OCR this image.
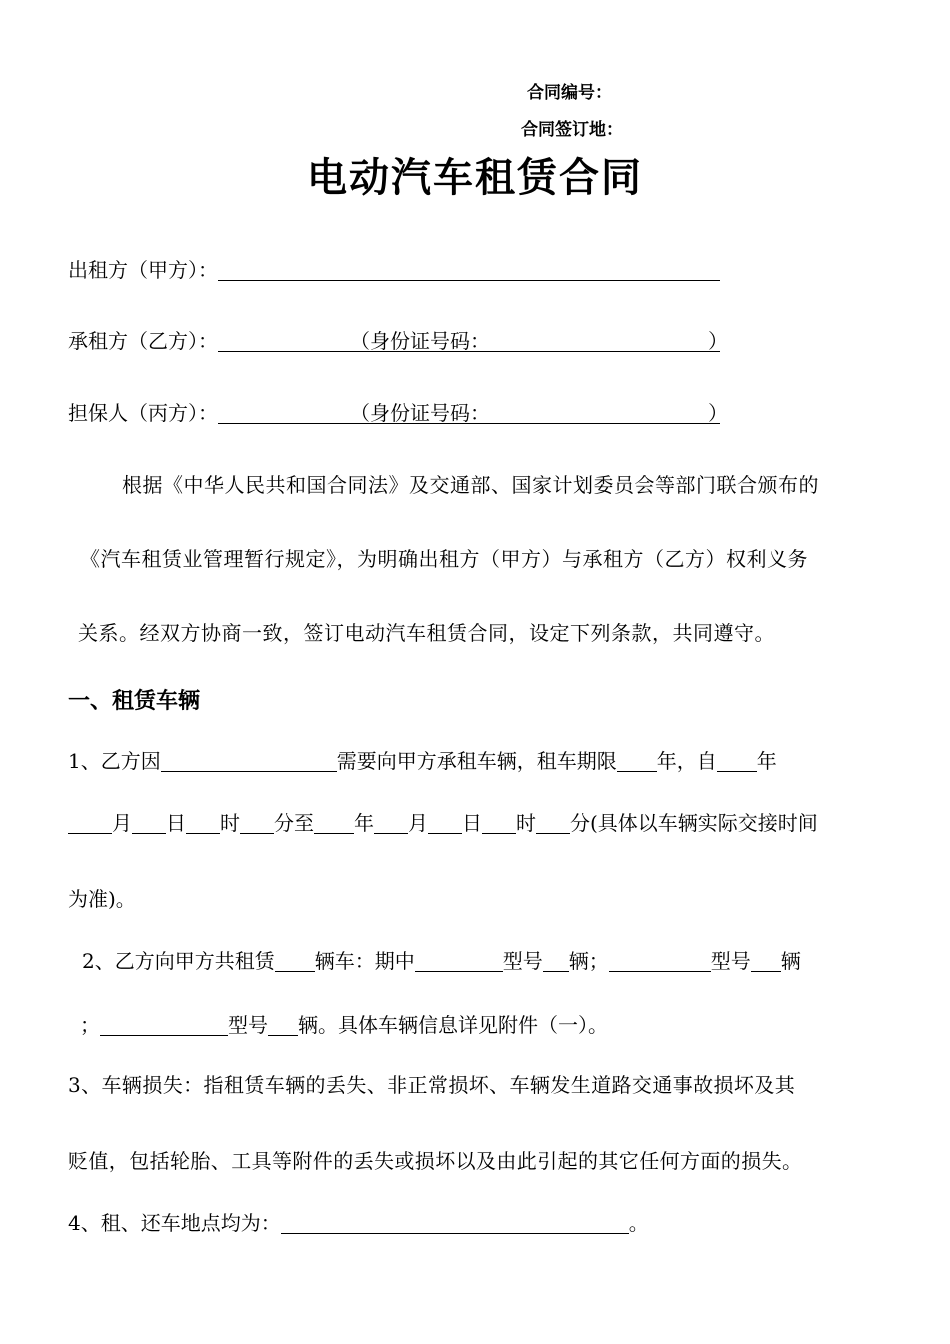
合同编号：
合同签订地：
电动汽车租赁合同
出租方（甲方）：
承租方（乙方）：	（身份证号码：	）
担保人（丙方）：	（身份证号码：	）
根据《中华人民共和国合同法》及交通部、国家计划委员会等部门联合颁布的
《汽车租赁业管理暂行规定》，为明确出租方（甲方）与承租方（乙方）权利义务
关系。经双方协商一致，签订电动汽车租赁合同，设定下列条款，共同遵守。
一、租赁车辆
1、乙方因	需要向甲方承租车辆，租车期限 年，自 年
月 日 时 分至 年 月 日 时 分(具体以车辆实际交接时间
为准)。
2、乙方向甲方共租赁 辆车：期中	型号 辆；	型号 辆
；	型号 辆。具体车辆信息详见附件（一）。
3、车辆损失：指租赁车辆的丢失、非正常损坏、车辆发生道路交通事故损坏及其
贬值，包括轮胎、工具等附件的丢失或损坏以及由此引起的其它任何方面的损失。
4、租、还车地点均为：	。
